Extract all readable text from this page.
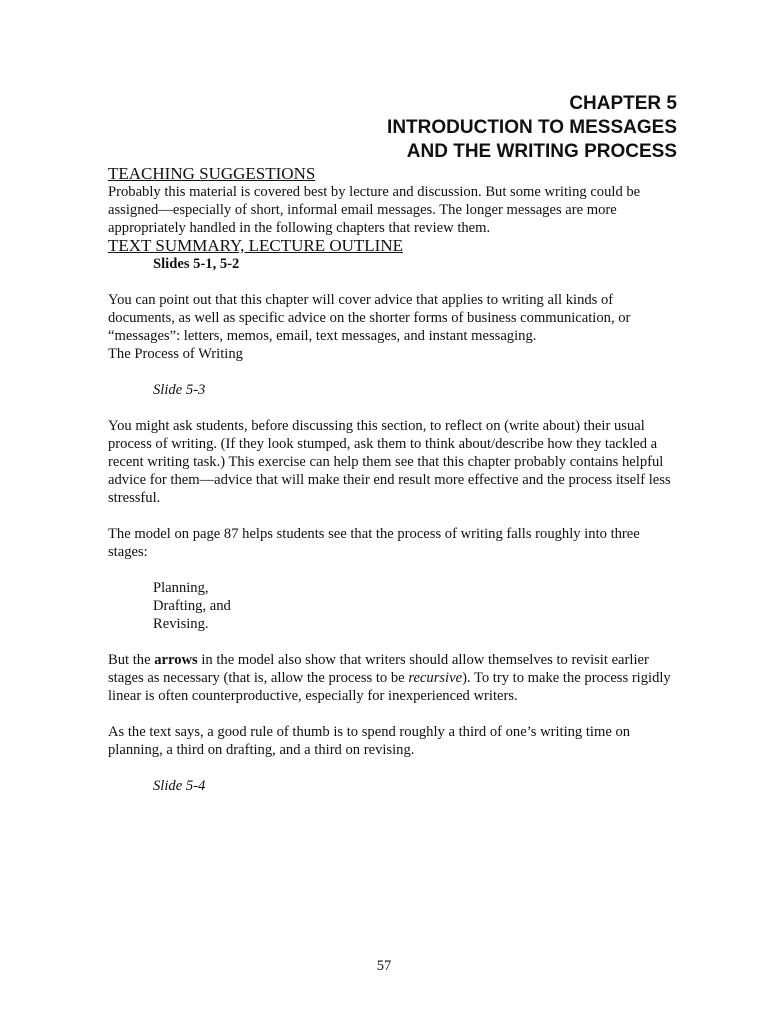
CHAPTER 5
INTRODUCTION TO MESSAGES
AND THE WRITING PROCESS
TEACHING SUGGESTIONS

Probably this material is covered best by lecture and discussion. But some writing could be assigned—especially of short, informal email messages. The longer messages are more appropriately handled in the following chapters that review them.

TEXT SUMMARY, LECTURE OUTLINE

Slides 5-1, 5-2

You can point out that this chapter will cover advice that applies to writing all kinds of documents, as well as specific advice on the shorter forms of business communication, or “messages”: letters, memos, email, text messages, and instant messaging.

The Process of Writing

Slide 5-3

You might ask students, before discussing this section, to reflect on (write about) their usual process of writing. (If they look stumped, ask them to think about/describe how they tackled a recent writing task.) This exercise can help them see that this chapter probably contains helpful advice for them—advice that will make their end result more effective and the process itself less stressful.

The model on page 87 helps students see that the process of writing falls roughly into three stages:

Planning,

Drafting, and

Revising.

But the arrows in the model also show that writers should allow themselves to revisit earlier stages as necessary (that is, allow the process to be recursive). To try to make the process rigidly linear is often counterproductive, especially for inexperienced writers.

As the text says, a good rule of thumb is to spend roughly a third of one’s writing time on planning, a third on drafting, and a third on revising.

Slide 5-4

57
